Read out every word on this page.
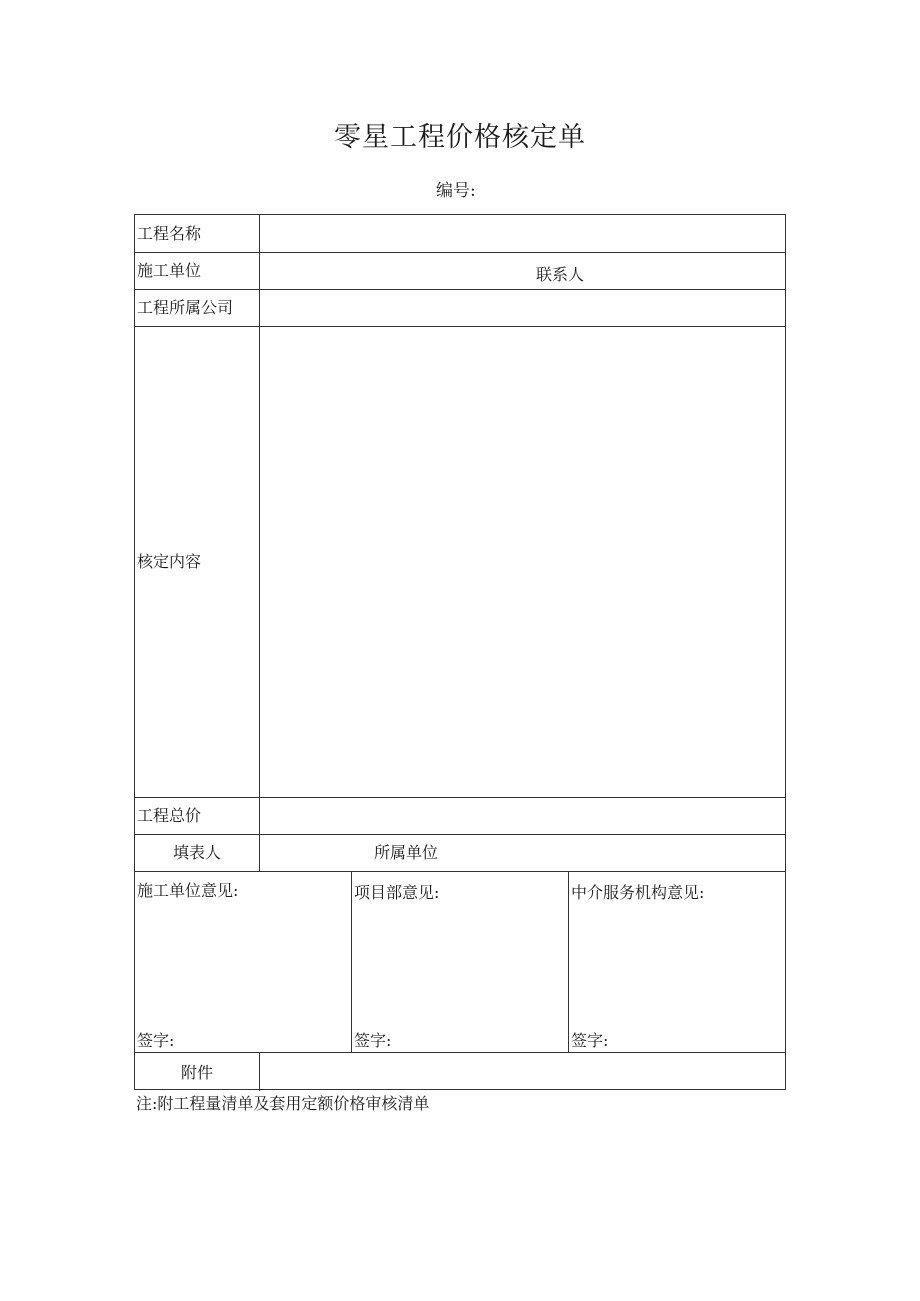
零星工程价格核定单
编号:
工程名称
施工单位	联系人
工程所属公司
核定内容
工程总价
填表人	所属单位
施工单位意见:
签字:
项目部意见:
签字:
中介服务机构意见:
签字:
附件
注:附工程量清单及套用定额价格审核清单
